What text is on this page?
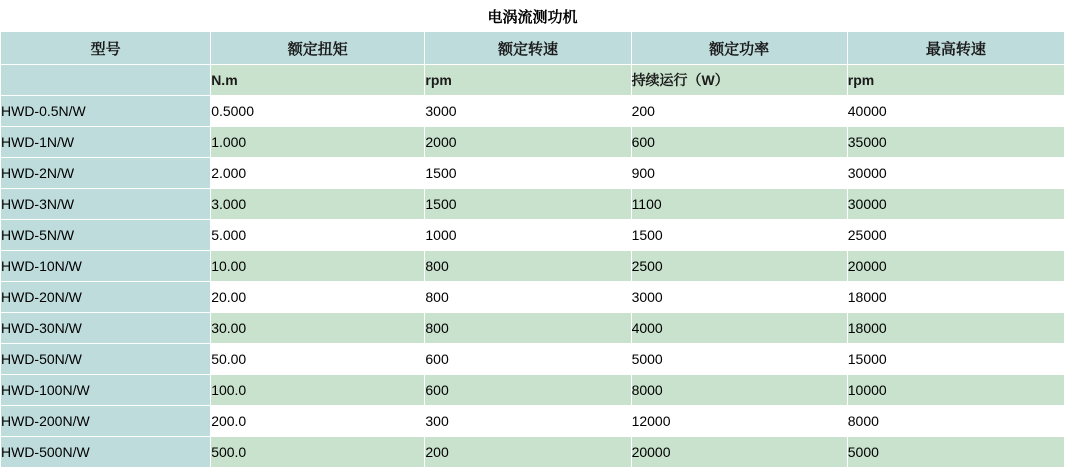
电涡流测功机				
型号	额定扭矩	额定转速	额定功率	最高转速
	N.m	rpm	持续运行（W）	rpm
HWD-0.5N/W	0.5000	3000	200	40000
HWD-1N/W	1.000	2000	600	35000
HWD-2N/W	2.000	1500	900	30000
HWD-3N/W	3.000	1500	1100	30000
HWD-5N/W	5.000	1000	1500	25000
HWD-10N/W	10.00	800	2500	20000
HWD-20N/W	20.00	800	3000	18000
HWD-30N/W	30.00	800	4000	18000
HWD-50N/W	50.00	600	5000	15000
HWD-100N/W	100.0	600	8000	10000
HWD-200N/W	200.0	300	12000	8000
HWD-500N/W	500.0	200	20000	5000
